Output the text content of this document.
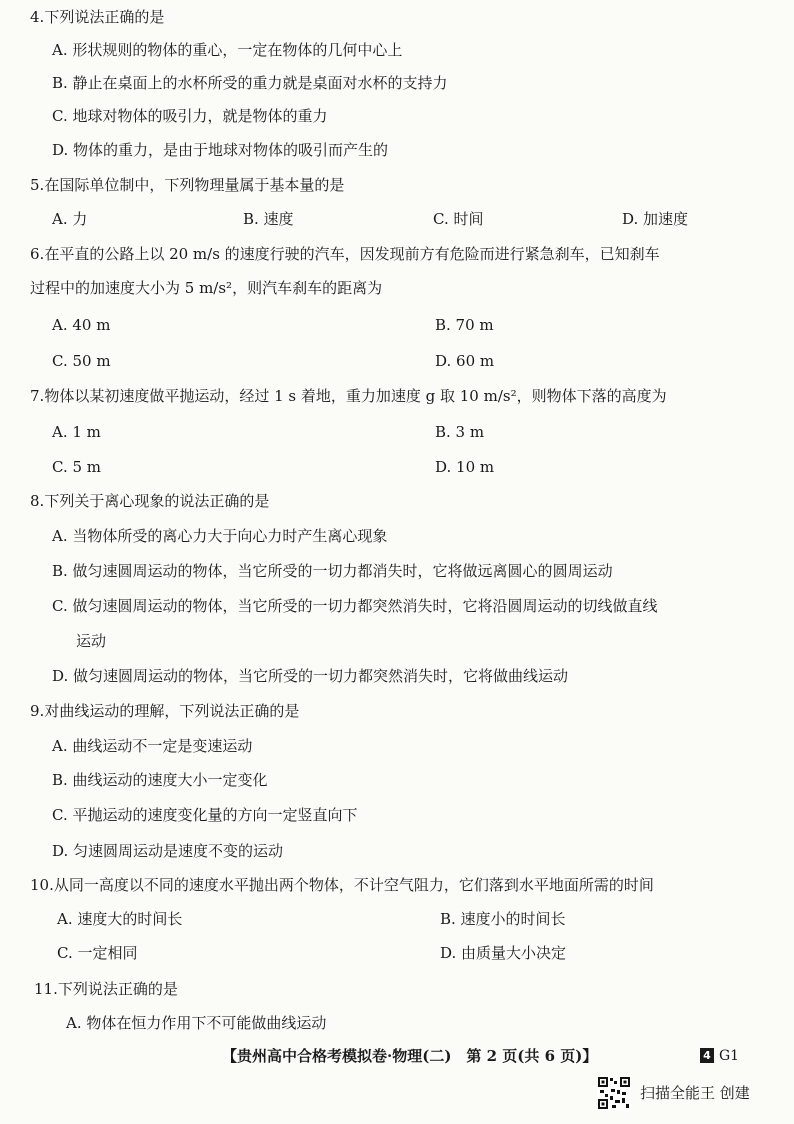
4.下列说法正确的是
A. 形状规则的物体的重心，一定在物体的几何中心上
B. 静止在桌面上的水杯所受的重力就是桌面对水杯的支持力
C. 地球对物体的吸引力，就是物体的重力
D. 物体的重力，是由于地球对物体的吸引而产生的
5.在国际单位制中，下列物理量属于基本量的是
A. 力	B. 速度	C. 时间	D. 加速度
6.在平直的公路上以 20 m/s 的速度行驶的汽车，因发现前方有危险而进行紧急刹车，已知刹车
过程中的加速度大小为 5 m/s²，则汽车刹车的距离为
A. 40 m	B. 70 m
C. 50 m	D. 60 m
7.物体以某初速度做平抛运动，经过 1 s 着地，重力加速度 g 取 10 m/s²，则物体下落的高度为
A. 1 m	B. 3 m
C. 5 m	D. 10 m
8.下列关于离心现象的说法正确的是
A. 当物体所受的离心力大于向心力时产生离心现象
B. 做匀速圆周运动的物体，当它所受的一切力都消失时，它将做远离圆心的圆周运动
C. 做匀速圆周运动的物体，当它所受的一切力都突然消失时，它将沿圆周运动的切线做直线
运动
D. 做匀速圆周运动的物体，当它所受的一切力都突然消失时，它将做曲线运动
9.对曲线运动的理解，下列说法正确的是
A. 曲线运动不一定是变速运动
B. 曲线运动的速度大小一定变化
C. 平抛运动的速度变化量的方向一定竖直向下
D. 匀速圆周运动是速度不变的运动
10.从同一高度以不同的速度水平抛出两个物体，不计空气阻力，它们落到水平地面所需的时间
A. 速度大的时间长	B. 速度小的时间长
C. 一定相同	D. 由质量大小决定
11.下列说法正确的是
A. 物体在恒力作用下不可能做曲线运动
【贵州高中合格考模拟卷·物理(二)　第 2 页(共 6 页)】	4 G1
扫描全能王 创建
